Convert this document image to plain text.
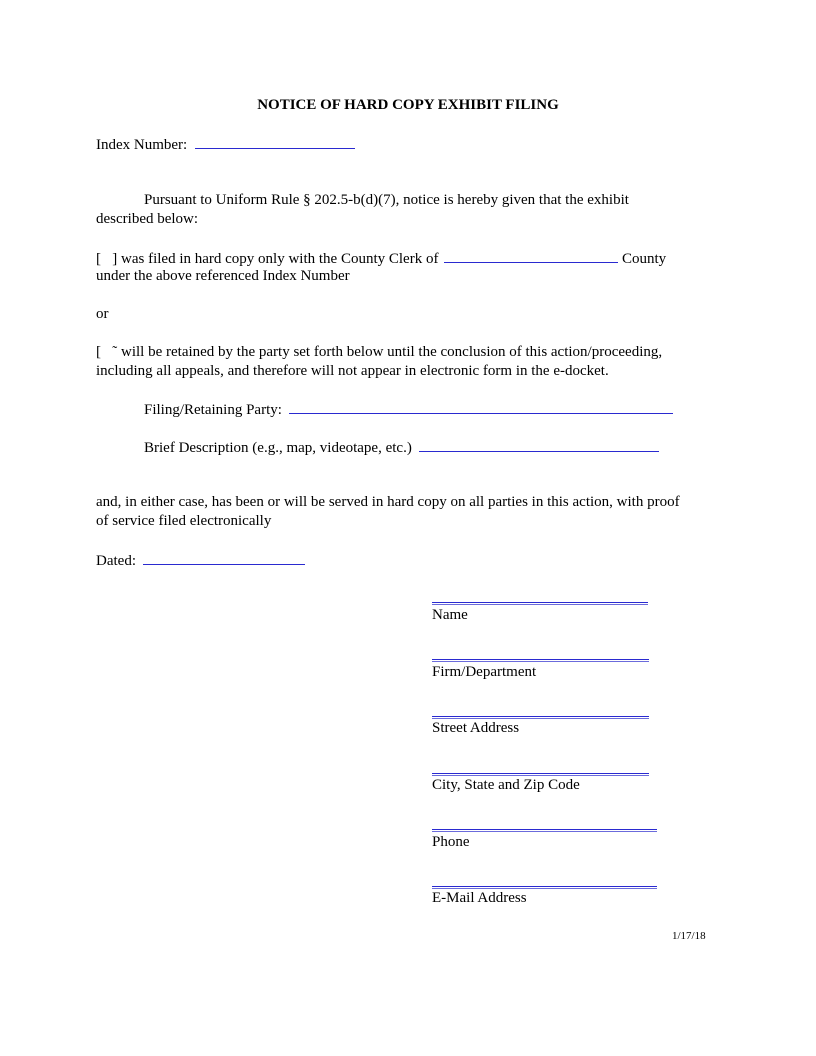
NOTICE OF HARD COPY EXHIBIT FILING
Index Number:
Pursuant to Uniform Rule § 202.5-b(d)(7), notice is hereby given that the exhibit
described below:
[   ] was filed in hard copy only with the County Clerk of	County
under the above referenced Index Number
or
[   ˜ will be retained by the party set forth below until the conclusion of this action/proceeding,
including all appeals, and therefore will not appear in electronic form in the e-docket.
Filing/Retaining Party:
Brief Description (e.g., map, videotape, etc.)
and, in either case, has been or will be served in hard copy on all parties in this action, with proof
of service filed electronically
Dated:
Name
Firm/Department
Street Address
City, State and Zip Code
Phone
E-Mail Address
1/17/18
